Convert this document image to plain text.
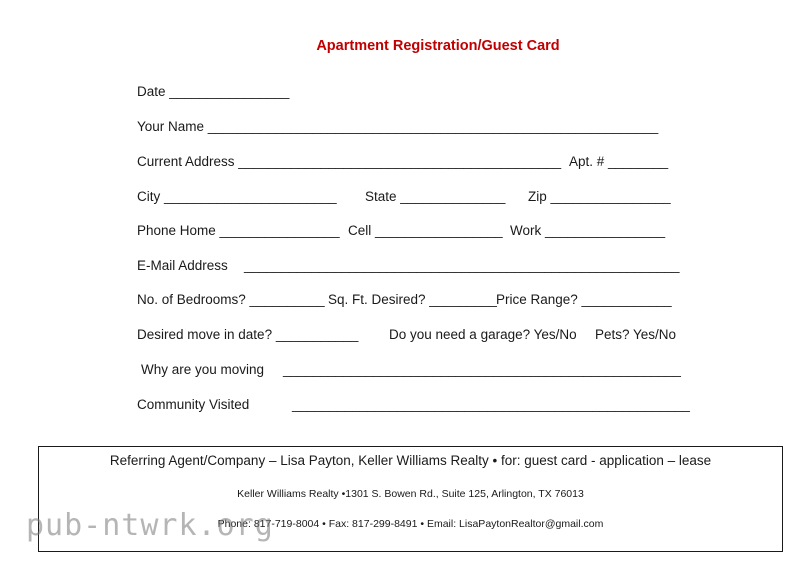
Apartment Registration/Guest Card
Date ________________
Your Name ____________________________________________________________
Current Address ___________________________________________ Apt. # ________
City _______________________ State ______________ Zip ________________
Phone Home ________________ Cell _________________ Work ________________
E-Mail Address __________________________________________________________
No. of Bedrooms? __________ Sq. Ft. Desired? _________ Price Range? ____________
Desired move in date? ___________ Do you need a garage? Yes/No Pets? Yes/No
Why are you moving _____________________________________________________
Community Visited	_____________________________________________________
Referring Agent/Company – Lisa Payton, Keller Williams Realty • for: guest card - application – lease
Keller Williams Realty •1301 S. Bowen Rd., Suite 125, Arlington, TX 76013
Phone: 817-719-8004 • Fax: 817-299-8491 • Email: LisaPaytonRealtor@gmail.com
pub-ntwrk.org
